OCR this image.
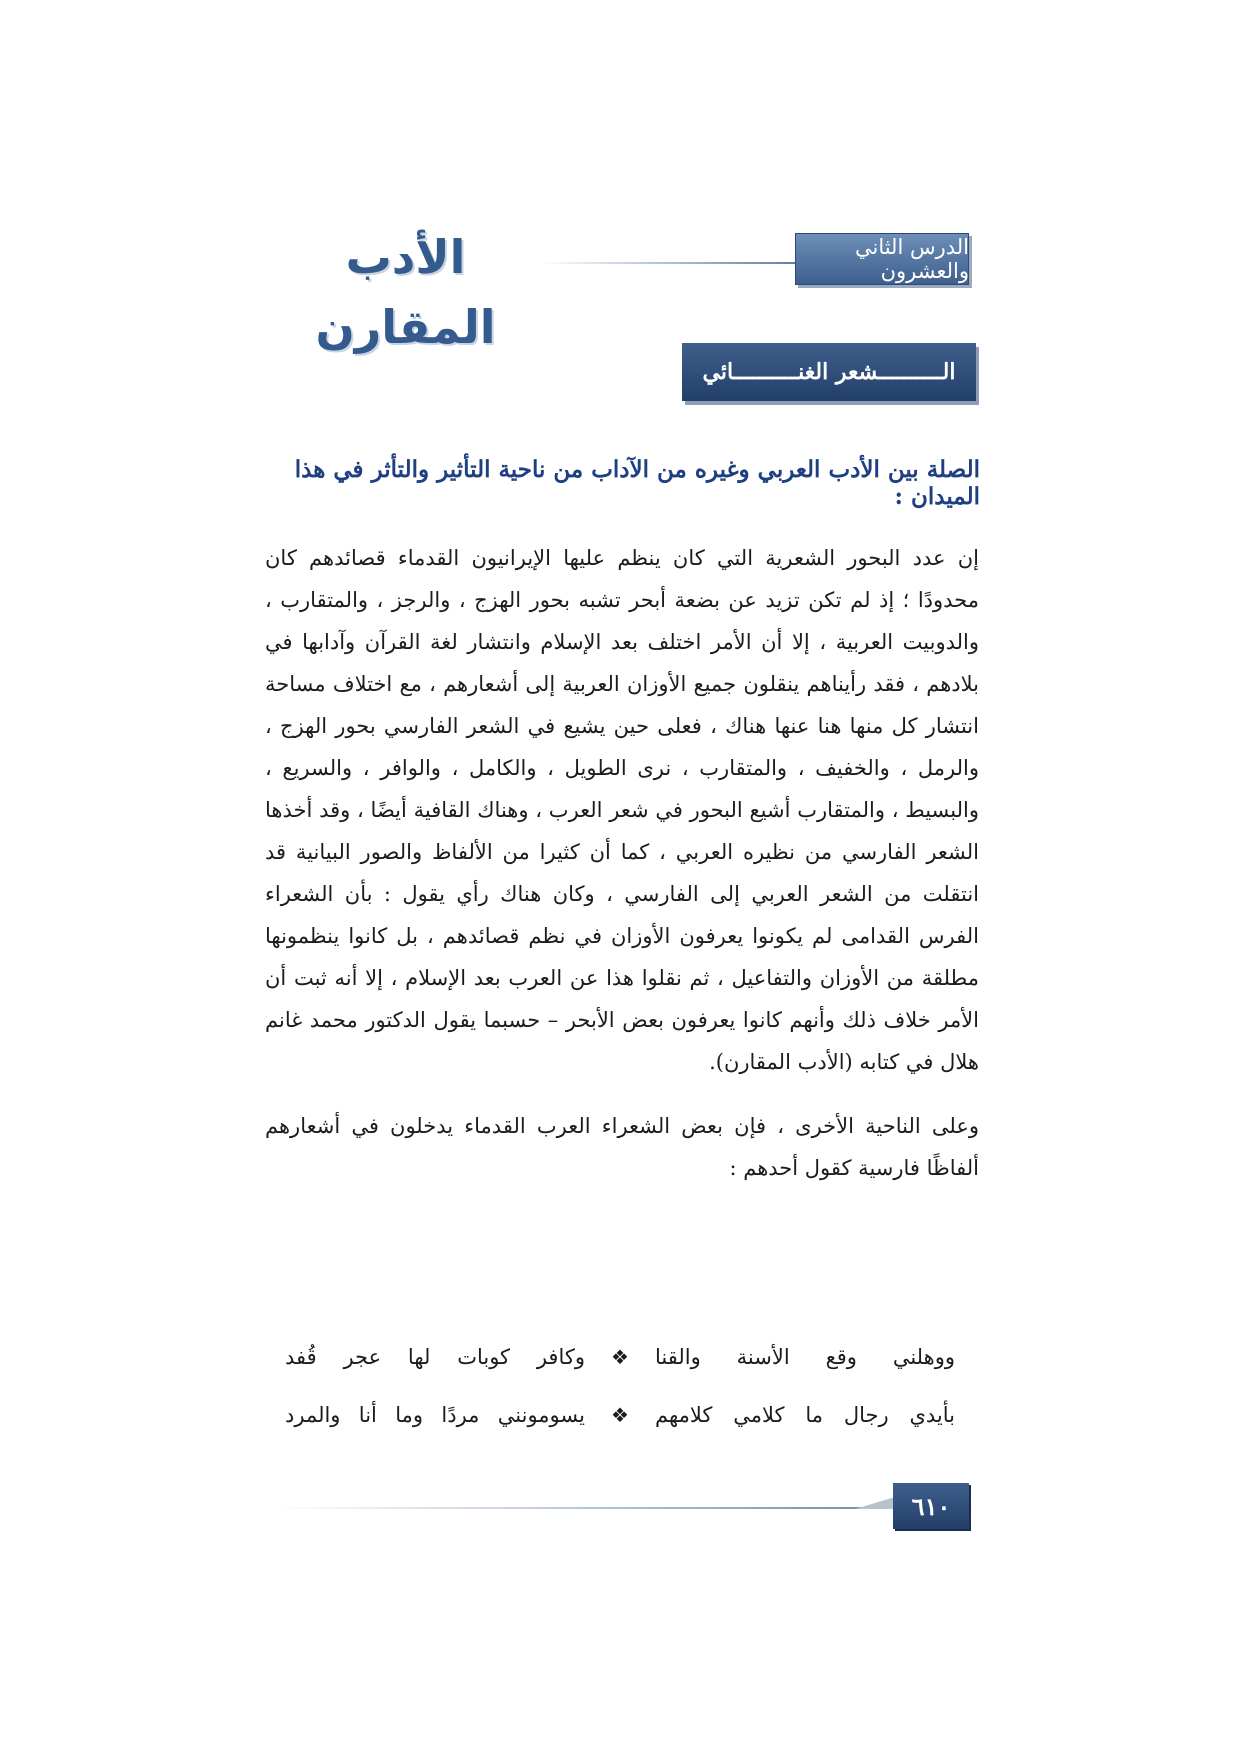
الدرس الثاني والعشرون
الأدب المقارن
الــــــــــشعر الغنــــــــــائي
الصلة بين الأدب العربي وغيره من الآداب من ناحية التأثير والتأثر في هذا الميدان :

إن عدد البحور الشعرية التي كان ينظم عليها الإيرانيون القدماء قصائدهم كان محدودًا ؛ إذ لم تكن تزيد عن بضعة أبحر تشبه بحور الهزج ، والرجز ، والمتقارب ، والدوبيت العربية ، إلا أن الأمر اختلف بعد الإسلام وانتشار لغة القرآن وآدابها في بلادهم ، فقد رأيناهم ينقلون جميع الأوزان العربية إلى أشعارهم ، مع اختلاف مساحة انتشار كل منها هنا عنها هناك ، فعلى حين يشيع في الشعر الفارسي بحور الهزج ، والرمل ، والخفيف ، والمتقارب ، نرى الطويل ، والكامل ، والوافر ، والسريع ، والبسيط ، والمتقارب أشيع البحور في شعر العرب ، وهناك القافية أيضًا ، وقد أخذها الشعر الفارسي من نظيره العربي ، كما أن كثيرا من الألفاظ والصور البيانية قد انتقلت من الشعر العربي إلى الفارسي ، وكان هناك رأي يقول : بأن الشعراء الفرس القدامى لم يكونوا يعرفون الأوزان في نظم قصائدهم ، بل كانوا ينظمونها مطلقة من الأوزان والتفاعيل ، ثم نقلوا هذا عن العرب بعد الإسلام ، إلا أنه ثبت أن الأمر خلاف ذلك وأنهم كانوا يعرفون بعض الأبحر – حسبما يقول الدكتور محمد غانم هلال في كتابه (الأدب المقارن).

وعلى الناحية الأخرى ، فإن بعض الشعراء العرب القدماء يدخلون في أشعارهم ألفاظًا فارسية كقول أحدهم :

ووهلني وقع الأسنة والقنا
❖
وكافر كوبات لها عجر قُفد
بأيدي رجال ما كلامي كلامهم
❖
يسومونني مردًا وما أنا والمرد
٦١٠
